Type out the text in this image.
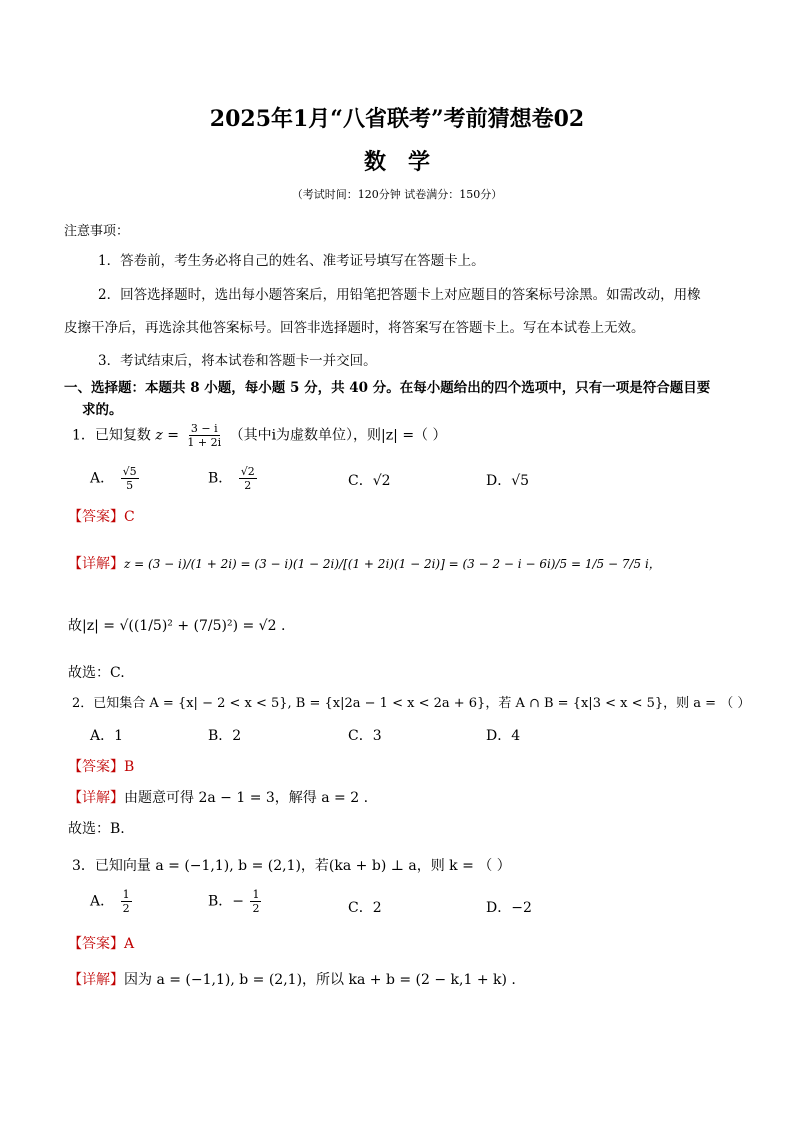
2025年1月“八省联考”考前猜想卷02
数学
（考试时间：120分钟 试卷满分：150分）
注意事项：
1．答卷前，考生务必将自己的姓名、准考证号填写在答题卡上。
2．回答选择题时，选出每小题答案后，用铅笔把答题卡上对应题目的答案标号涂黑。如需改动，用橡
皮擦干净后，再选涂其他答案标号。回答非选择题时，将答案写在答题卡上。写在本试卷上无效。
3．考试结束后，将本试卷和答题卡一并交回。
一、选择题：本题共 8 小题，每小题 5 分，共 40 分。在每小题给出的四个选项中，只有一项是符合题目要
求的。
1．已知复数 $z = \frac{3 - i}{1 + 2i}$ （其中i为虚数单位），则|z| =（ ）
A． $\frac{√5}{5}$	B． $\frac{√2}{2}$	C．√2	D．√5
【答案】C
【详解】z = (3 − i)/(1 + 2i) = (3 − i)(1 − 2i)/[(1 + 2i)(1 − 2i)] = (3 − 2 − i − 6i)/5 = 1/5 − 7/5 i，
故|z| = √((1/5)² + (7/5)²) = √2 .
故选：C.
2．已知集合 A = {x| − 2 < x < 5}, B = {x|2a − 1 < x < 2a + 6}，若 A ∩ B = {x|3 < x < 5}，则 a = （ ）
A．1	B．2	C．3	D．4
【答案】B
【详解】由题意可得 2a − 1 = 3，解得 a = 2 .
故选：B.
3．已知向量 a = (−1,1), b = (2,1)，若(ka + b) ⊥ a，则 k = （ ）
A． $\frac{1}{2}$	B．− $\frac{1}{2}$	C．2	D．−2
【答案】A
【详解】因为 a = (−1,1), b = (2,1)，所以 ka + b = (2 − k,1 + k) .
